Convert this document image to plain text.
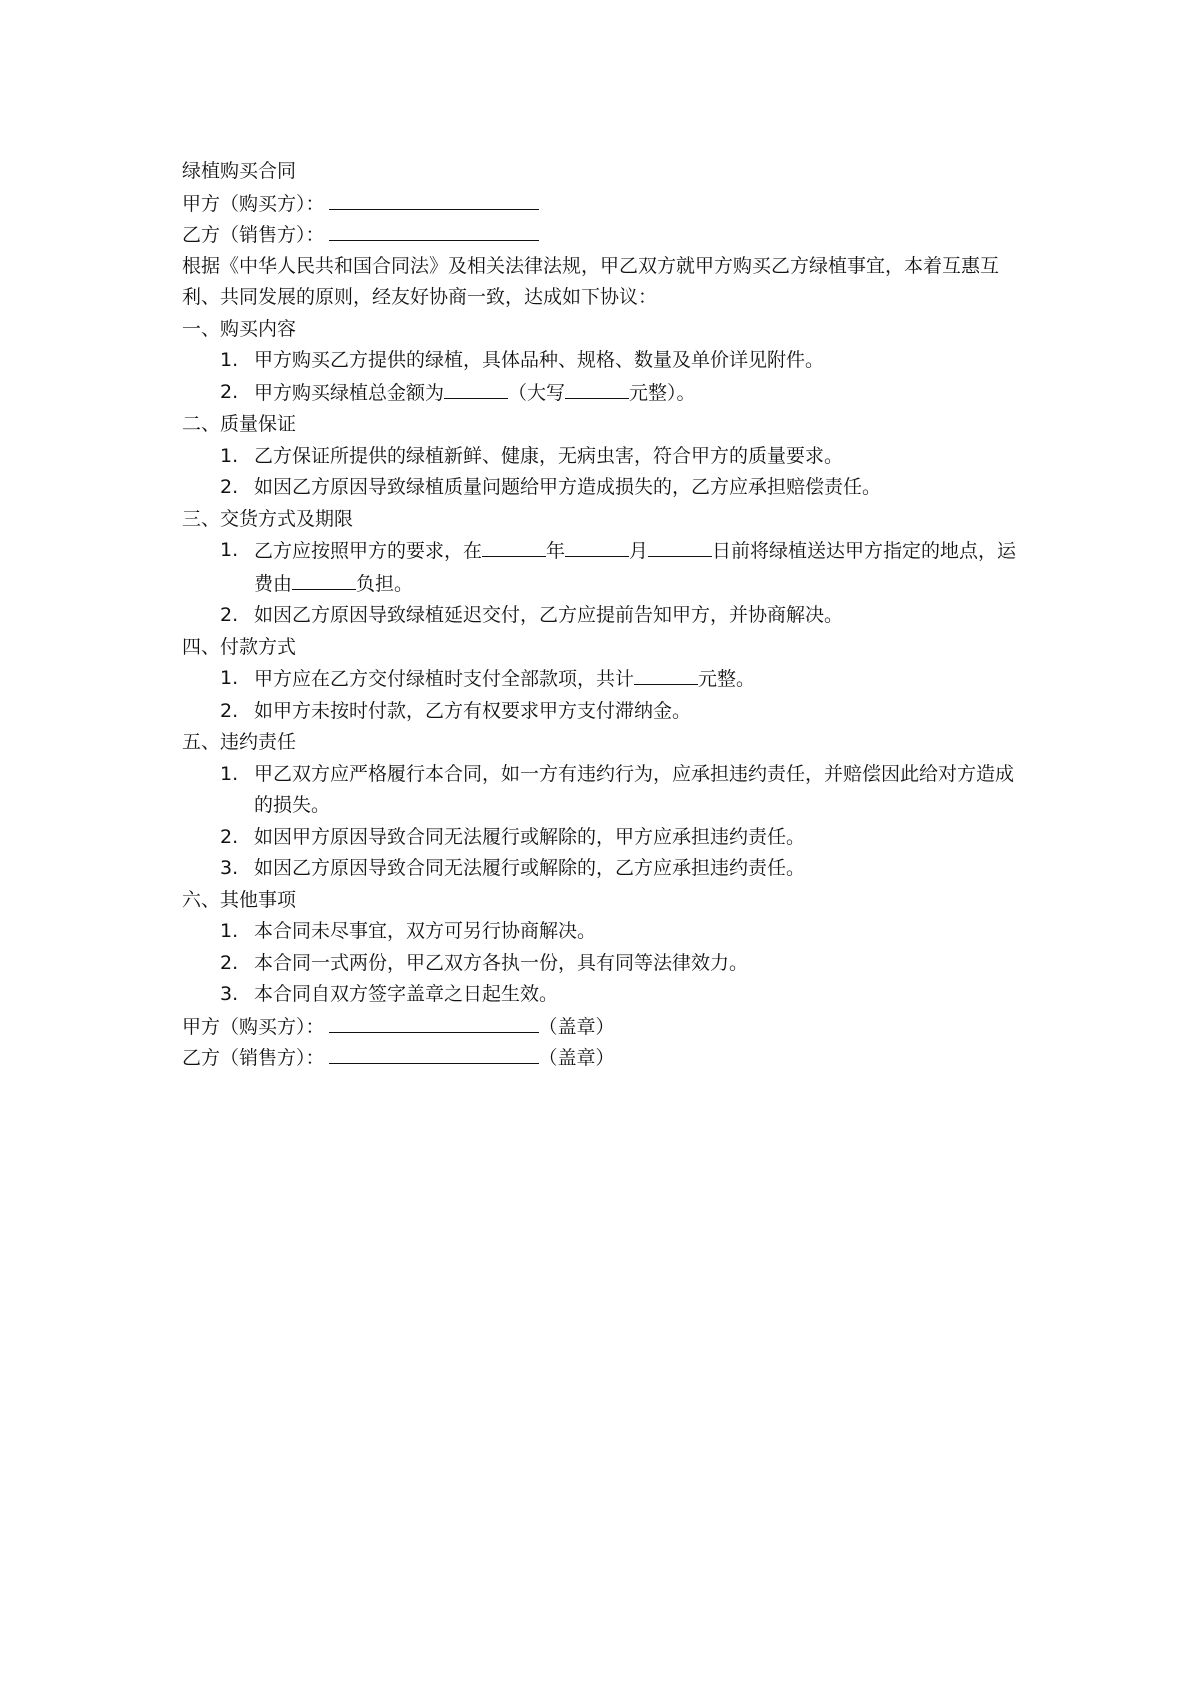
绿植购买合同
甲方（购买方）：
乙方（销售方）：
根据《中华人民共和国合同法》及相关法律法规，甲乙双方就甲方购买乙方绿植事宜，本着互惠互利、共同发展的原则，经友好协商一致，达成如下协议：
一、购买内容
1. 甲方购买乙方提供的绿植，具体品种、规格、数量及单价详见附件。
2. 甲方购买绿植总金额为	（大写	元整）。
二、质量保证
1. 乙方保证所提供的绿植新鲜、健康，无病虫害，符合甲方的质量要求。
2. 如因乙方原因导致绿植质量问题给甲方造成损失的，乙方应承担赔偿责任。
三、交货方式及期限
1. 乙方应按照甲方的要求，在	年	月	日前将绿植送达甲方指定的地点，运费由	负担。
2. 如因乙方原因导致绿植延迟交付，乙方应提前告知甲方，并协商解决。
四、付款方式
1. 甲方应在乙方交付绿植时支付全部款项，共计	元整。
2. 如甲方未按时付款，乙方有权要求甲方支付滞纳金。
五、违约责任
1. 甲乙双方应严格履行本合同，如一方有违约行为，应承担违约责任，并赔偿因此给对方造成的损失。
2. 如因甲方原因导致合同无法履行或解除的，甲方应承担违约责任。
3. 如因乙方原因导致合同无法履行或解除的，乙方应承担违约责任。
六、其他事项
1. 本合同未尽事宜，双方可另行协商解决。
2. 本合同一式两份，甲乙双方各执一份，具有同等法律效力。
3. 本合同自双方签字盖章之日起生效。
甲方（购买方）：	（盖章）
乙方（销售方）：	（盖章）
